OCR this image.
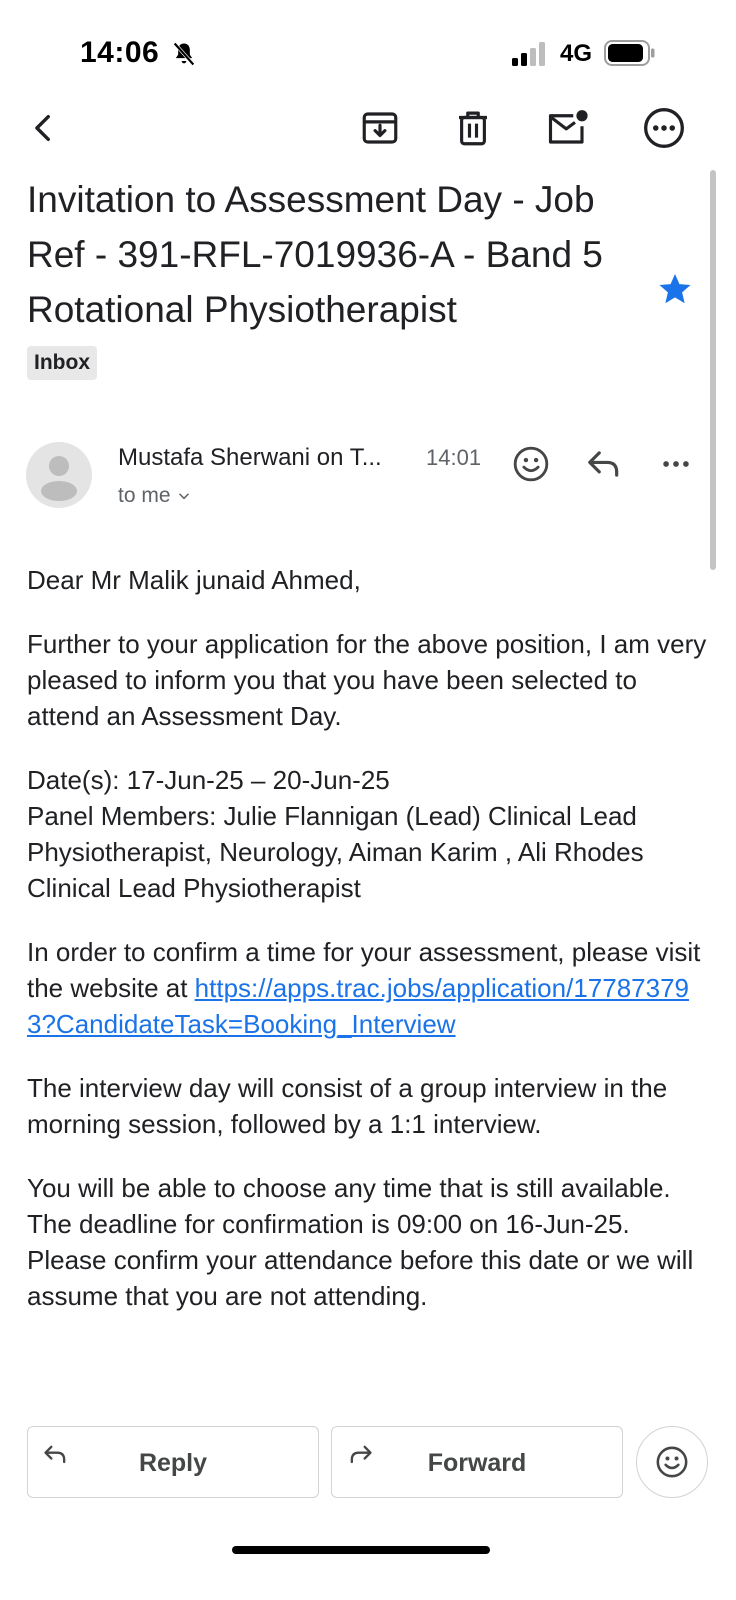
14:06	4G
Invitation to Assessment Day - Job Ref - 391-RFL-7019936-A - Band 5 Rotational Physiotherapist
Inbox
Mustafa Sherwani on T... 14:01
to me

Dear Mr Malik junaid Ahmed,

Further to your application for the above position, I am very pleased to inform you that you have been selected to attend an Assessment Day.

Date(s): 17-Jun-25 – 20-Jun-25
Panel Members: Julie Flannigan (Lead) Clinical Lead Physiotherapist, Neurology, Aiman Karim , Ali Rhodes Clinical Lead Physiotherapist

In order to confirm a time for your assessment, please visit the website at https://apps.trac.jobs/application/177873793?CandidateTask=Booking_Interview

The interview day will consist of a group interview in the morning session, followed by a 1:1 interview.

You will be able to choose any time that is still available. The deadline for confirmation is 09:00 on 16-Jun-25. Please confirm your attendance before this date or we will assume that you are not attending.

Reply	Forward
